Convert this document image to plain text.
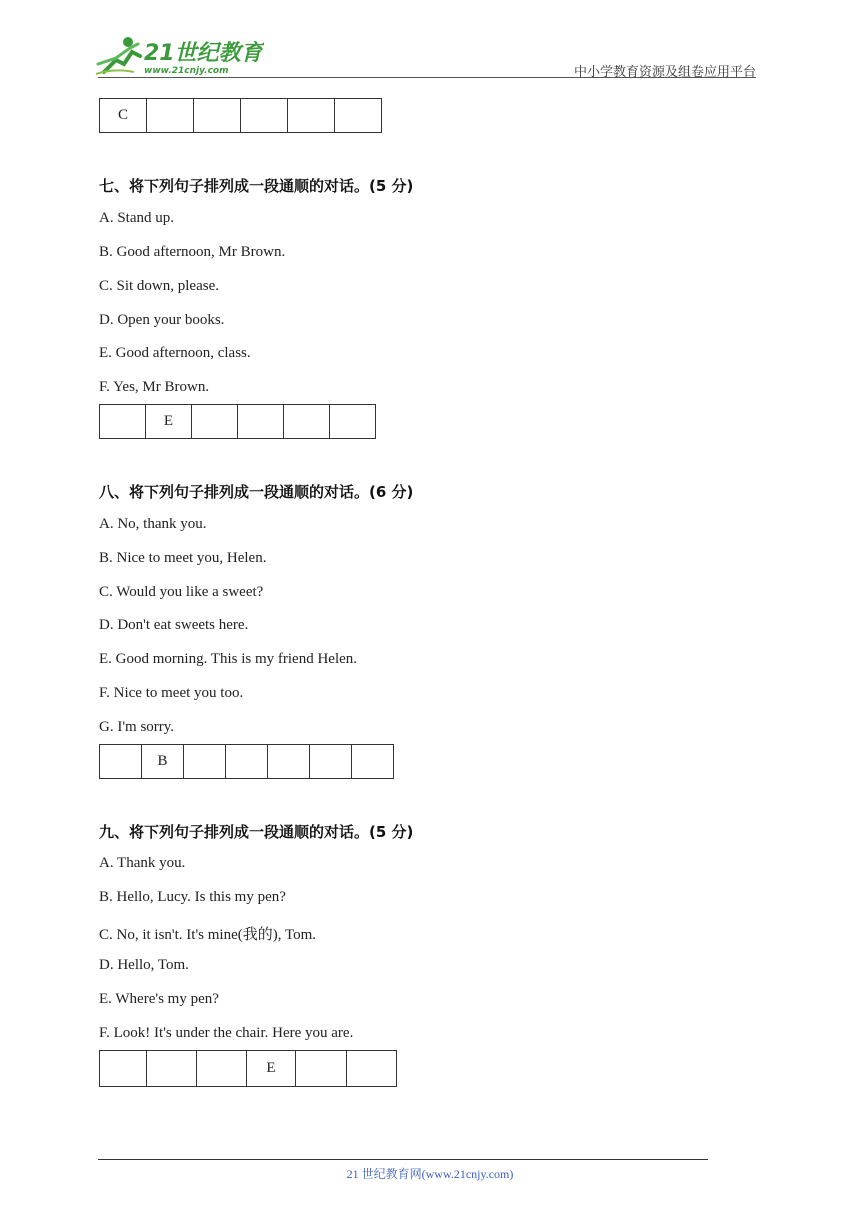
21世纪教育
www.21cnjy.com	中小学教育资源及组卷应用平台
C					
七、将下列句子排列成一段通顺的对话。(5 分)
A. Stand up.
B. Good afternoon, Mr Brown.
C. Sit down, please.
D. Open your books.
E. Good afternoon, class.
F. Yes, Mr Brown.
	E				
八、将下列句子排列成一段通顺的对话。(6 分)
A. No, thank you.
B. Nice to meet you, Helen.
C. Would you like a sweet?
D. Don't eat sweets here.
E. Good morning. This is my friend Helen.
F. Nice to meet you too.
G. I'm sorry.
	B					
九、将下列句子排列成一段通顺的对话。(5 分)
A. Thank you.
B. Hello, Lucy. Is this my pen?
C. No, it isn't. It's mine(我的), Tom.
D. Hello, Tom.
E. Where's my pen?
F. Look! It's under the chair. Here you are.
			E		
21 世纪教育网(www.21cnjy.com)
